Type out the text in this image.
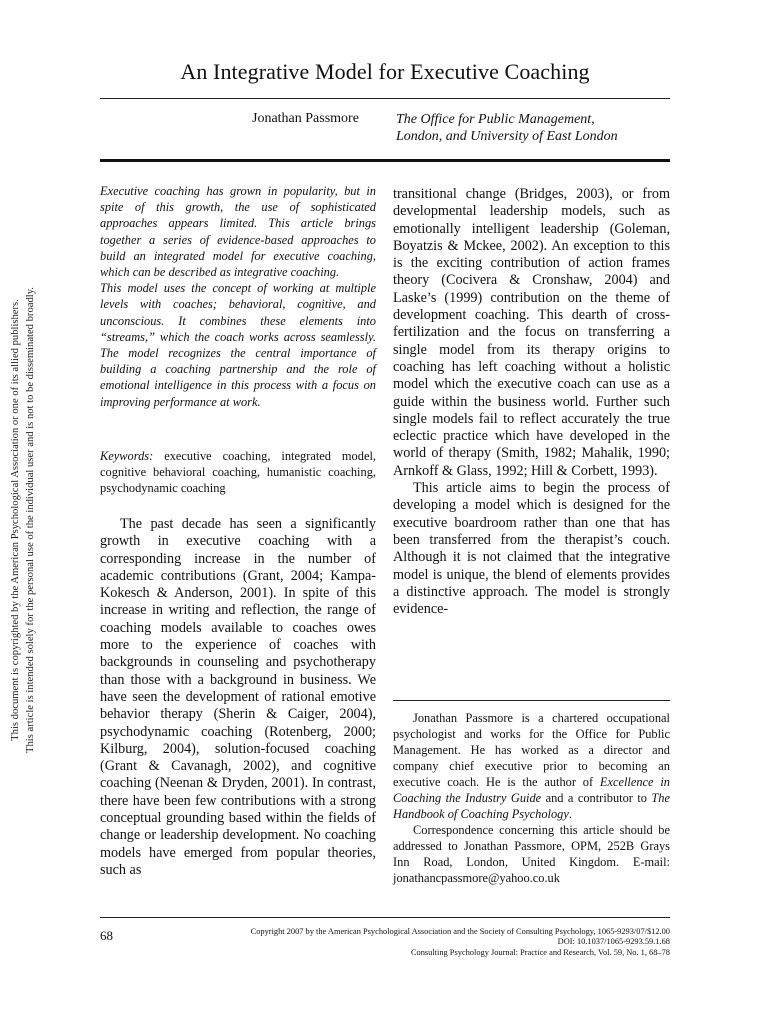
This document is copyrighted by the American Psychological Association or one of its allied publishers. This article is intended solely for the personal use of the individual user and is not to be disseminated broadly.
An Integrative Model for Executive Coaching
Jonathan Passmore	The Office for Public Management,
London, and University of East London

Executive coaching has grown in popularity, but in spite of this growth, the use of sophisticated approaches appears limited. This article brings together a series of evidence-based approaches to build an integrated model for executive coaching, which can be described as integrative coaching.

This model uses the concept of working at multiple levels with coaches; behavioral, cognitive, and unconscious. It combines these elements into “streams,” which the coach works across seamlessly. The model recognizes the central importance of building a coaching partnership and the role of emotional intelligence in this process with a focus on improving performance at work.

Keywords: executive coaching, integrated model, cognitive behavioral coaching, humanistic coaching, psychodynamic coaching

The past decade has seen a significantly growth in executive coaching with a corresponding increase in the number of academic contributions (Grant, 2004; Kampa-Kokesch & Anderson, 2001). In spite of this increase in writing and reflection, the range of coaching models available to coaches owes more to the experience of coaches with backgrounds in counseling and psychotherapy than those with a background in business. We have seen the development of rational emotive behavior therapy (Sherin & Caiger, 2004), psychodynamic coaching (Rotenberg, 2000; Kilburg, 2004), solution-focused coaching (Grant & Cavanagh, 2002), and cognitive coaching (Neenan & Dryden, 2001). In contrast, there have been few contributions with a strong conceptual grounding based within the fields of change or leadership development. No coaching models have emerged from popular theories, such as

transitional change (Bridges, 2003), or from developmental leadership models, such as emotionally intelligent leadership (Goleman, Boyatzis & Mckee, 2002). An exception to this is the exciting contribution of action frames theory (Cocivera & Cronshaw, 2004) and Laske’s (1999) contribution on the theme of development coaching. This dearth of cross-fertilization and the focus on transferring a single model from its therapy origins to coaching has left coaching without a holistic model which the executive coach can use as a guide within the business world. Further such single models fail to reflect accurately the true eclectic practice which have developed in the world of therapy (Smith, 1982; Mahalik, 1990; Arnkoff & Glass, 1992; Hill & Corbett, 1993).

This article aims to begin the process of developing a model which is designed for the executive boardroom rather than one that has been transferred from the therapist’s couch. Although it is not claimed that the integrative model is unique, the blend of elements provides a distinctive approach. The model is strongly evidence-

Jonathan Passmore is a chartered occupational psychologist and works for the Office for Public Management. He has worked as a director and company chief executive prior to becoming an executive coach. He is the author of Excellence in Coaching the Industry Guide and a contributor to The Handbook of Coaching Psychology.

Correspondence concerning this article should be addressed to Jonathan Passmore, OPM, 252B Grays Inn Road, London, United Kingdom. E-mail: jonathancpassmore@yahoo.co.uk

68	Copyright 2007 by the American Psychological Association and the Society of Consulting Psychology, 1065-9293/07/$12.00
DOI: 10.1037/1065-9293.59.1.68
Consulting Psychology Journal: Practice and Research, Vol. 59, No. 1, 68–78
